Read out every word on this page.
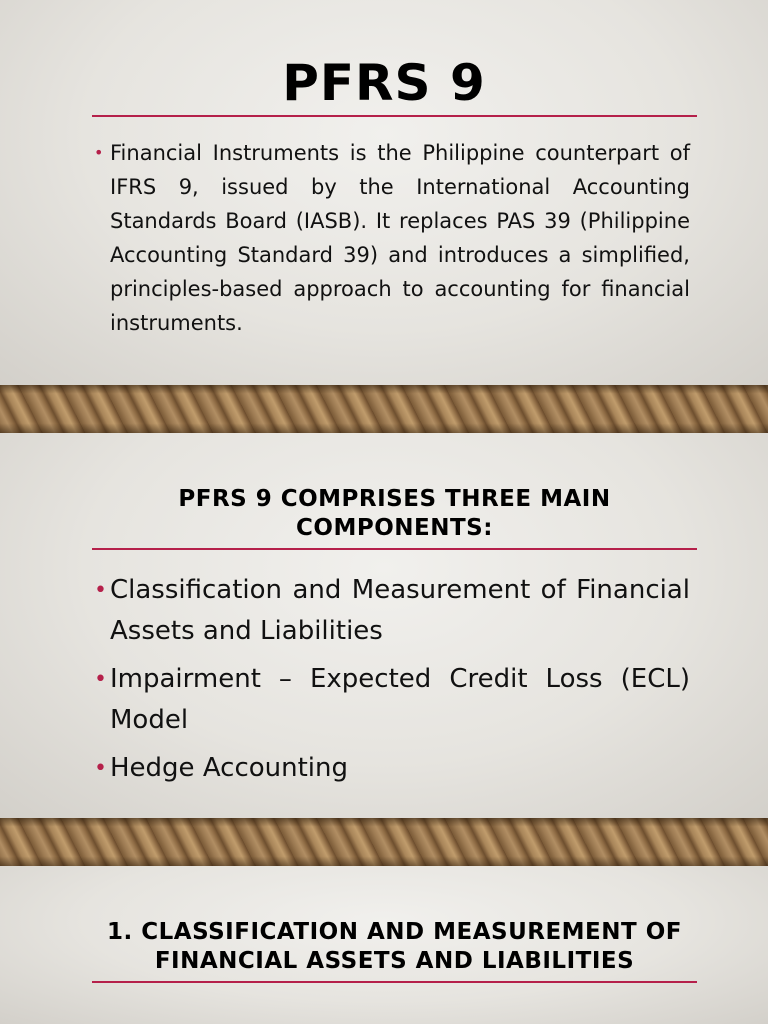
PFRS 9
• Financial Instruments is the Philippine counterpart of IFRS 9, issued by the International Accounting Standards Board (IASB). It replaces PAS 39 (Philippine Accounting Standard 39) and introduces a simplified, principles-based approach to accounting for financial instruments.
PFRS 9 COMPRISES THREE MAIN COMPONENTS:
• Classification and Measurement of Financial Assets and Liabilities
• Impairment – Expected Credit Loss (ECL) Model
• Hedge Accounting
1. CLASSIFICATION AND MEASUREMENT OF FINANCIAL ASSETS AND LIABILITIES
